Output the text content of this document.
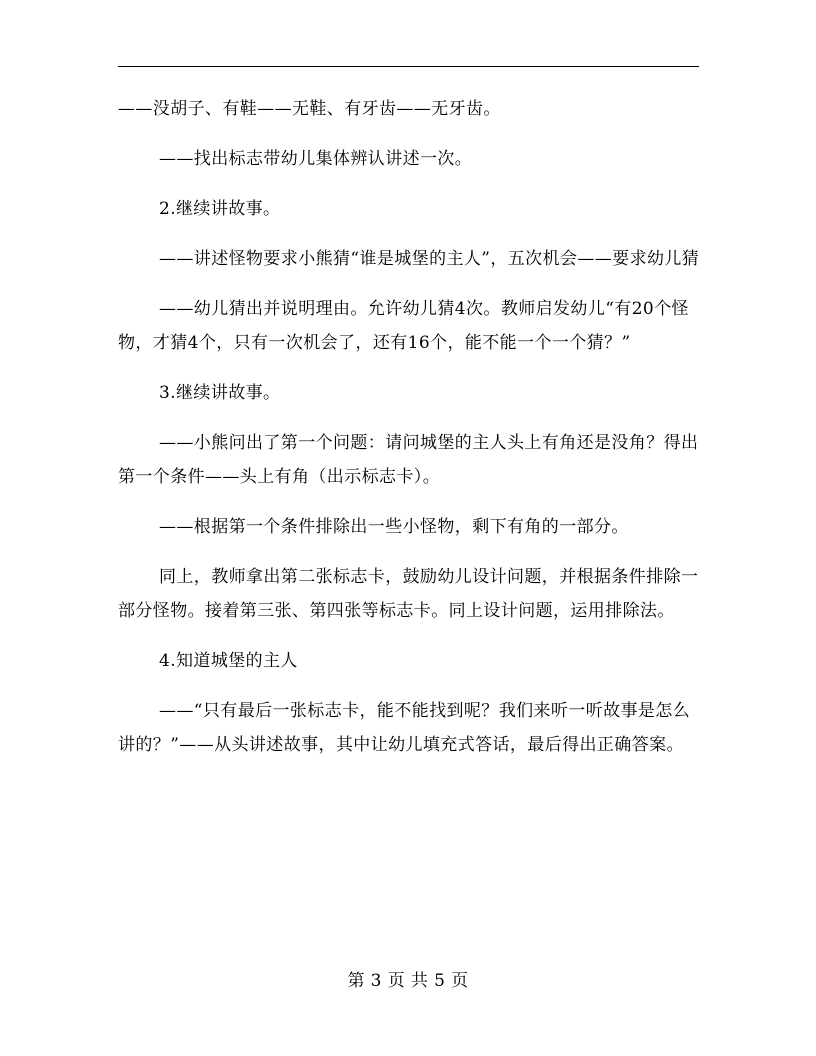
——没胡子、有鞋——无鞋、有牙齿——无牙齿。

——找出标志带幼儿集体辨认讲述一次。

2.继续讲故事。

——讲述怪物要求小熊猜“谁是城堡的主人”，五次机会——要求幼儿猜

——幼儿猜出并说明理由。允许幼儿猜4次。教师启发幼儿“有20个怪物，才猜4个，只有一次机会了，还有16个，能不能一个一个猜？”

3.继续讲故事。

——小熊问出了第一个问题：请问城堡的主人头上有角还是没角？得出第一个条件——头上有角（出示标志卡）。

——根据第一个条件排除出一些小怪物，剩下有角的一部分。

同上，教师拿出第二张标志卡，鼓励幼儿设计问题，并根据条件排除一部分怪物。接着第三张、第四张等标志卡。同上设计问题，运用排除法。

4.知道城堡的主人

——“只有最后一张标志卡，能不能找到呢？我们来听一听故事是怎么讲的？”——从头讲述故事，其中让幼儿填充式答话，最后得出正确答案。

第 3 页 共 5 页
